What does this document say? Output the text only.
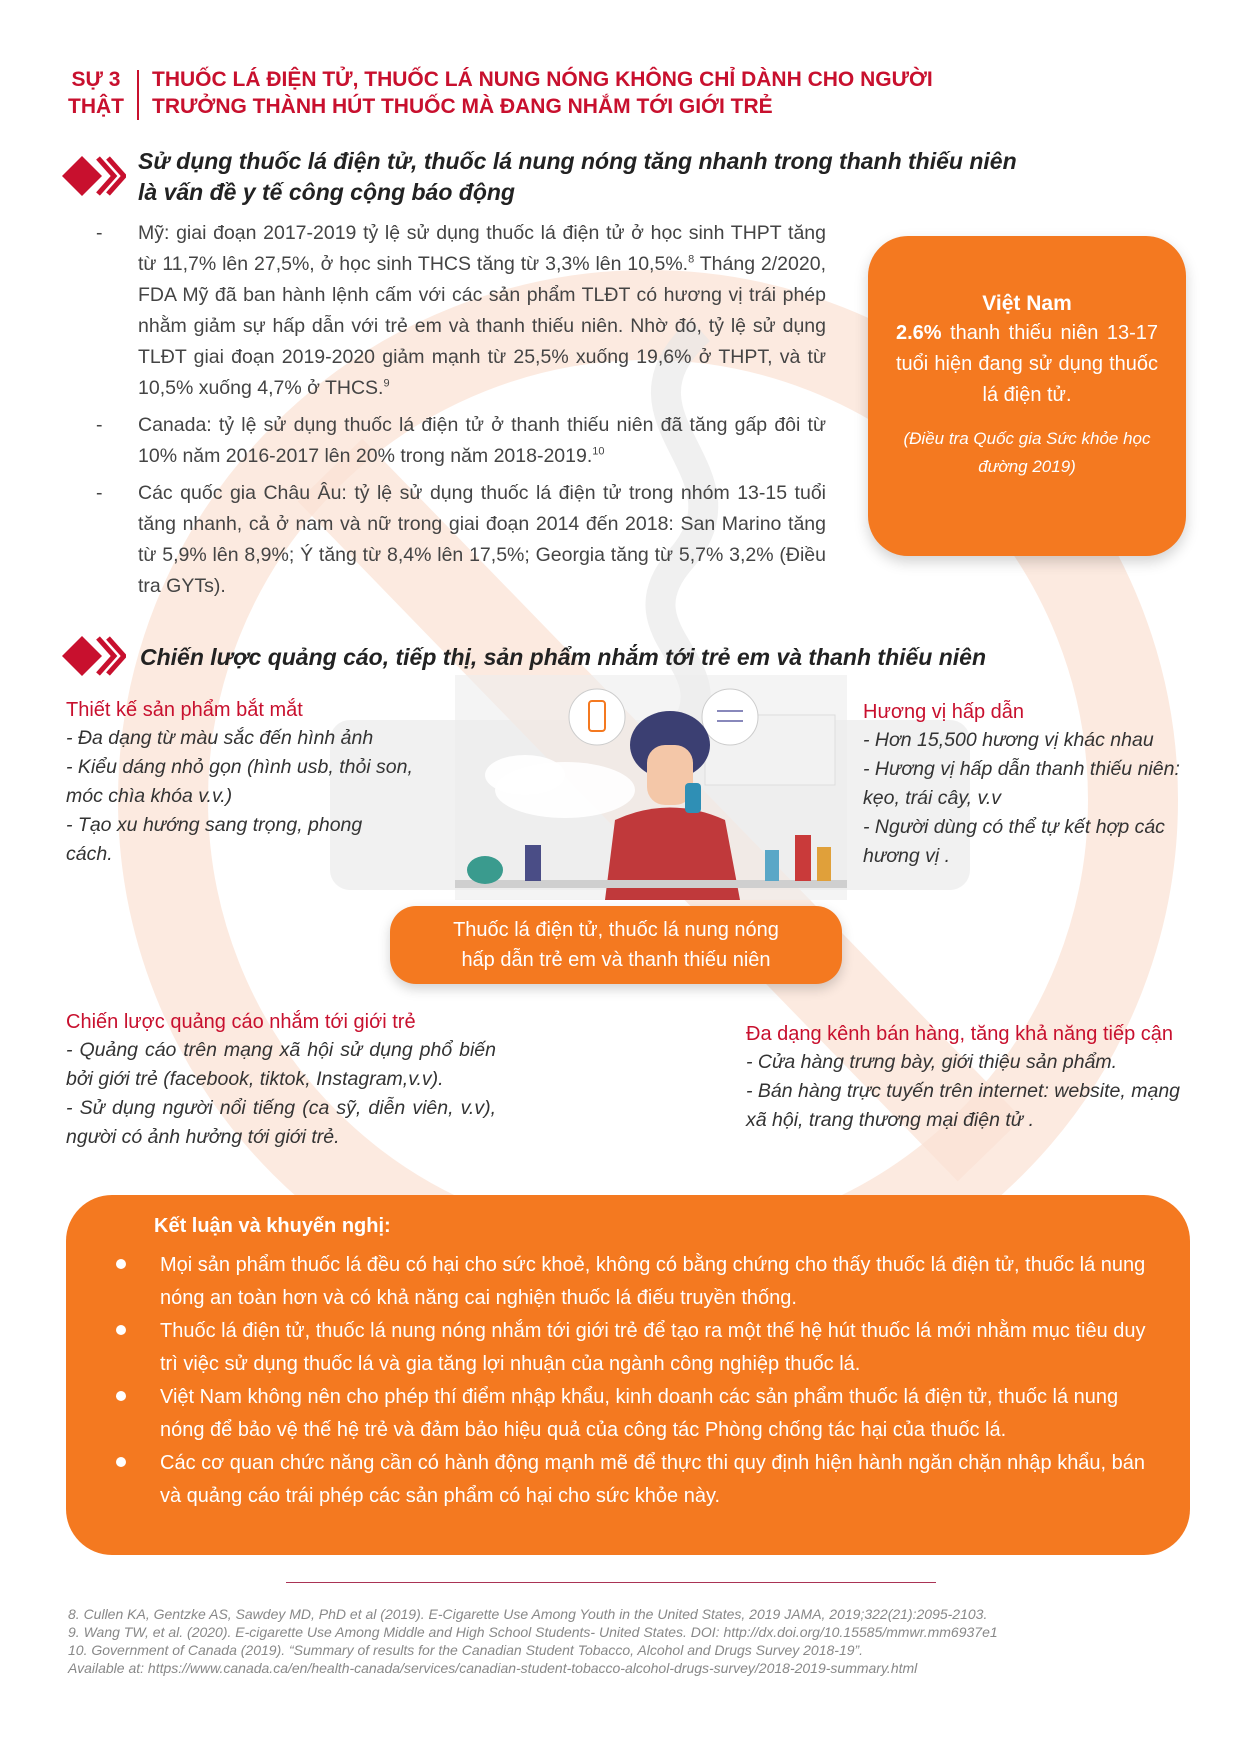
SỰ 3
THẬT
THUỐC LÁ ĐIỆN TỬ, THUỐC LÁ NUNG NÓNG KHÔNG CHỈ DÀNH CHO NGƯỜI
TRƯỞNG THÀNH HÚT THUỐC MÀ ĐANG NHẮM TỚI GIỚI TRẺ
Sử dụng thuốc lá điện tử, thuốc lá nung nóng tăng nhanh trong thanh thiếu niên
là vấn đề y tế công cộng báo động
- Mỹ: giai đoạn 2017-2019 tỷ lệ sử dụng thuốc lá điện tử ở học sinh THPT tăng từ 11,7% lên 27,5%, ở học sinh THCS tăng từ 3,3% lên 10,5%.$^8$ Tháng 2/2020, FDA Mỹ đã ban hành lệnh cấm với các sản phẩm TLĐT có hương vị trái phép nhằm giảm sự hấp dẫn với trẻ em và thanh thiếu niên. Nhờ đó, tỷ lệ sử dụng TLĐT giai đoạn 2019-2020 giảm mạnh từ 25,5% xuống 19,6% ở THPT, và từ 10,5% xuống 4,7% ở THCS.$^9$
- Canada: tỷ lệ sử dụng thuốc lá điện tử ở thanh thiếu niên đã tăng gấp đôi từ 10% năm 2016-2017 lên 20% trong năm 2018-2019.10
- Các quốc gia Châu Âu: tỷ lệ sử dụng thuốc lá điện tử trong nhóm 13-15 tuổi tăng nhanh, cả ở nam và nữ trong giai đoạn 2014 đến 2018: San Marino tăng từ 5,9% lên 8,9%; Ý tăng từ 8,4% lên 17,5%; Georgia tăng từ 5,7% 3,2% (Điều tra GYTs).
Việt Nam
2.6% thanh thiếu niên 13-17 tuổi hiện đang sử dụng thuốc lá điện tử.
(Điều tra Quốc gia Sức khỏe học đường 2019)
Chiến lược quảng cáo, tiếp thị, sản phẩm nhắm tới trẻ em và thanh thiếu niên
Thiết kế sản phẩm bắt mắt
- Đa dạng từ màu sắc đến hình ảnh
- Kiểu dáng nhỏ gọn (hình usb, thỏi son, móc chìa khóa v.v.)
- Tạo xu hướng sang trọng, phong cách.
Hương vị hấp dẫn
- Hơn 15,500 hương vị khác nhau
- Hương vị hấp dẫn thanh thiếu niên: kẹo, trái cây, v.v
- Người dùng có thể tự kết hợp các hương vị .
Thuốc lá điện tử, thuốc lá nung nóng
hấp dẫn trẻ em và thanh thiếu niên
Chiến lược quảng cáo nhắm tới giới trẻ
- Quảng cáo trên mạng xã hội sử dụng phổ biến bởi giới trẻ (facebook, tiktok, Instagram,v.v).
- Sử dụng người nổi tiếng (ca sỹ, diễn viên, v.v), người có ảnh hưởng tới giới trẻ.
Đa dạng kênh bán hàng, tăng khả năng tiếp cận
- Cửa hàng trưng bày, giới thiệu sản phẩm.
- Bán hàng trực tuyến trên internet: website, mạng xã hội, trang thương mại điện tử .
Kết luận và khuyến nghị:
Mọi sản phẩm thuốc lá đều có hại cho sức khoẻ, không có bằng chứng cho thấy thuốc lá điện tử, thuốc lá nung nóng an toàn hơn và có khả năng cai nghiện thuốc lá điếu truyền thống.
Thuốc lá điện tử, thuốc lá nung nóng nhắm tới giới trẻ để tạo ra một thế hệ hút thuốc lá mới nhằm mục tiêu duy trì việc sử dụng thuốc lá và gia tăng lợi nhuận của ngành công nghiệp thuốc lá.
Việt Nam không nên cho phép thí điểm nhập khẩu, kinh doanh các sản phẩm thuốc lá điện tử, thuốc lá nung nóng để bảo vệ thế hệ trẻ và đảm bảo hiệu quả của công tác Phòng chống tác hại của thuốc lá.
Các cơ quan chức năng cần có hành động mạnh mẽ để thực thi quy định hiện hành ngăn chặn nhập khẩu, bán và quảng cáo trái phép các sản phẩm có hại cho sức khỏe này.
8. Cullen KA, Gentzke AS, Sawdey MD, PhD et al (2019). E-Cigarette Use Among Youth in the United States, 2019 JAMA, 2019;322(21):2095-2103.
9. Wang TW, et al. (2020). E-cigarette Use Among Middle and High School Students- United States. DOI: http://dx.doi.org/10.15585/mmwr.mm6937e1
10. Government of Canada (2019). “Summary of results for the Canadian Student Tobacco, Alcohol and Drugs Survey 2018-19”.
Available at: https://www.canada.ca/en/health-canada/services/canadian-student-tobacco-alcohol-drugs-survey/2018-2019-summary.html
